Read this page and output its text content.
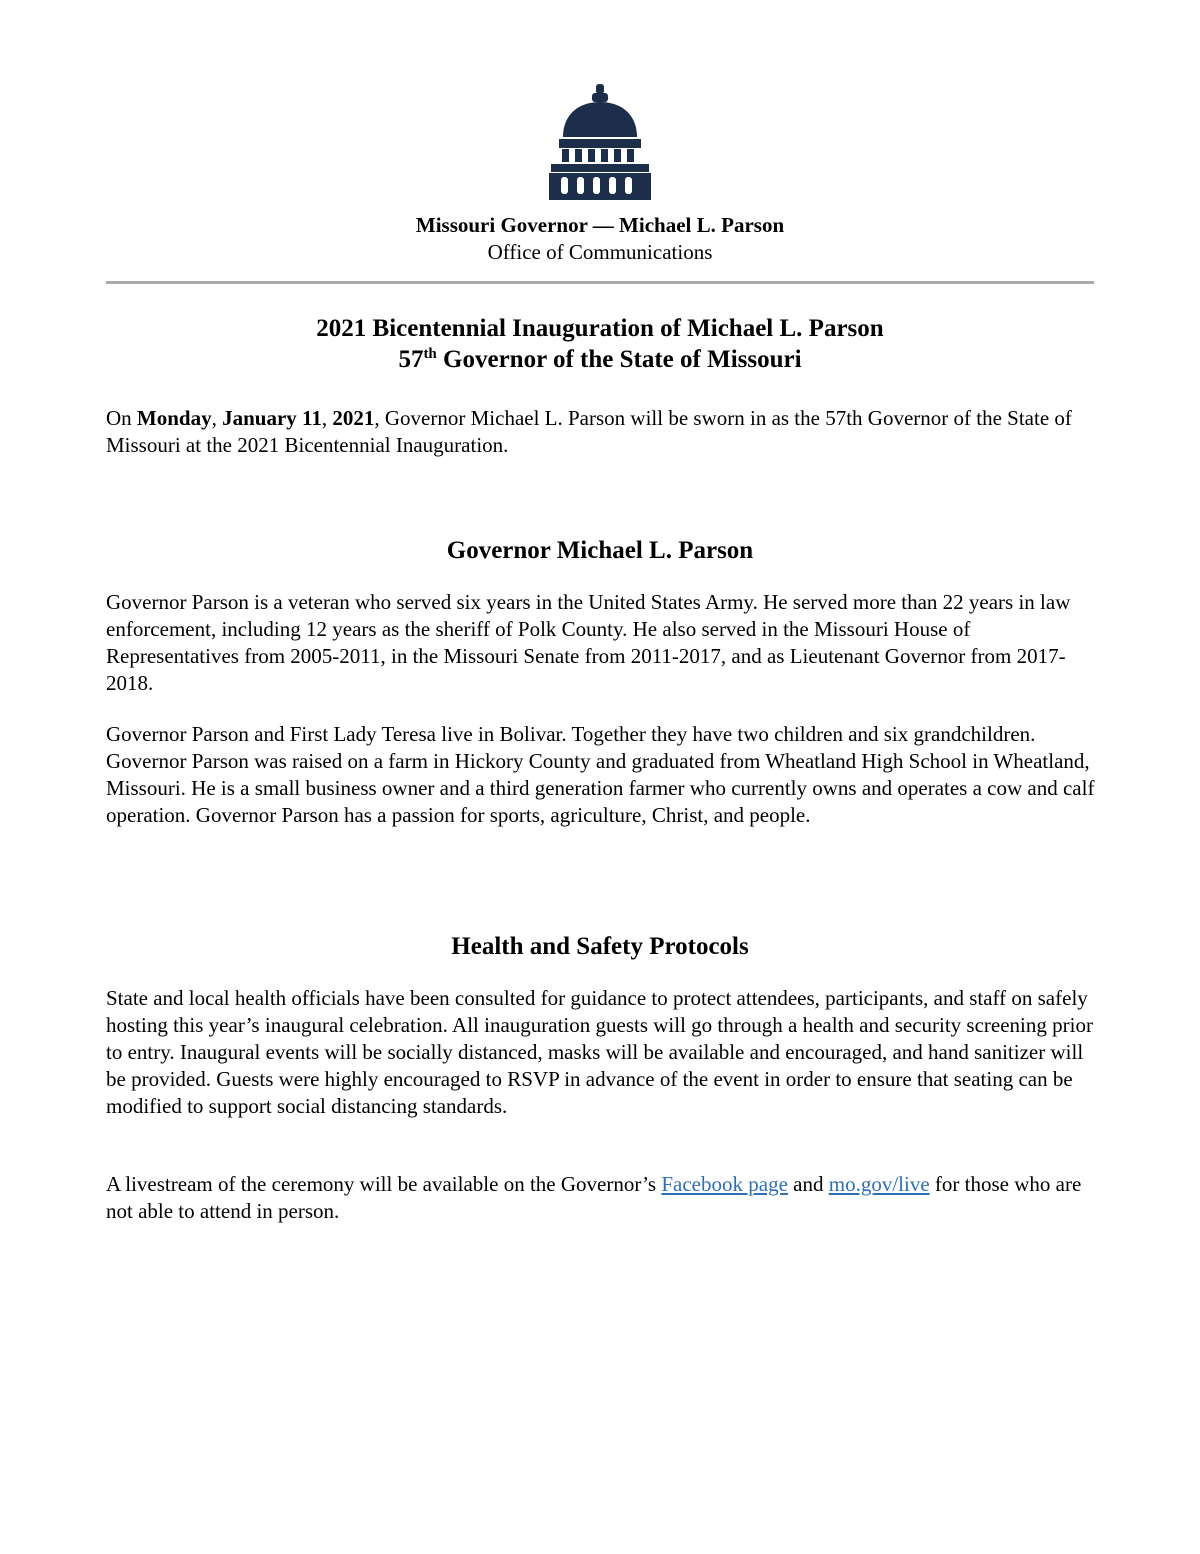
Missouri Governor — Michael L. Parson
Office of Communications
2021 Bicentennial Inauguration of Michael L. Parson
57th Governor of the State of Missouri

On Monday, January 11, 2021, Governor Michael L. Parson will be sworn in as the 57th Governor of the State of Missouri at the 2021 Bicentennial Inauguration.

Governor Michael L. Parson

Governor Parson is a veteran who served six years in the United States Army. He served more than 22 years in law enforcement, including 12 years as the sheriff of Polk County. He also served in the Missouri House of Representatives from 2005-2011, in the Missouri Senate from 2011-2017, and as Lieutenant Governor from 2017-2018.

Governor Parson and First Lady Teresa live in Bolivar. Together they have two children and six grandchildren. Governor Parson was raised on a farm in Hickory County and graduated from Wheatland High School in Wheatland, Missouri. He is a small business owner and a third generation farmer who currently owns and operates a cow and calf operation. Governor Parson has a passion for sports, agriculture, Christ, and people.

Health and Safety Protocols

State and local health officials have been consulted for guidance to protect attendees, participants, and staff on safely hosting this year’s inaugural celebration. All inauguration guests will go through a health and security screening prior to entry. Inaugural events will be socially distanced, masks will be available and encouraged, and hand sanitizer will be provided. Guests were highly encouraged to RSVP in advance of the event in order to ensure that seating can be modified to support social distancing standards.

A livestream of the ceremony will be available on the Governor’s Facebook page and mo.gov/live for those who are not able to attend in person.
